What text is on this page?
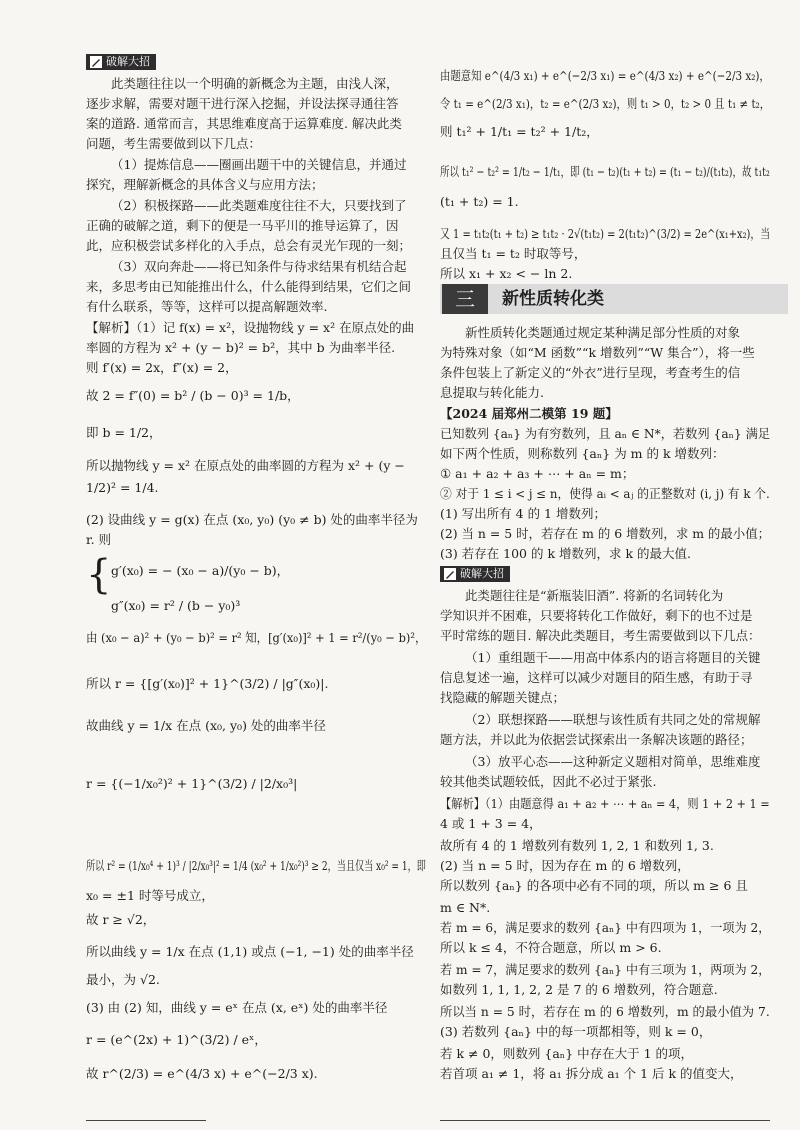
破解大招
{
此类题往往以一个明确的新概念为主题，由浅人深，
逐步求解，需要对题干进行深入挖掘，并设法探寻通往答
案的道路. 通常而言，其思维难度高于运算难度. 解决此类
问题，考生需要做到以下几点：
（1）提炼信息——圈画出题干中的关键信息，并通过
探究，理解新概念的具体含义与应用方法；
（2）积极探路——此类题难度往往不大，只要找到了
正确的破解之道，剩下的便是一马平川的推导运算了，因
此，应积极尝试多样化的入手点，总会有灵光乍现的一刻；
（3）双向奔赴——将已知条件与待求结果有机结合起
来，多思考由已知能推出什么，什么能得到结果，它们之间
有什么联系，等等，这样可以提高解题效率.
【解析】（1）记 f(x) = x²，设抛物线 y = x² 在原点处的曲
率圆的方程为 x² + (y − b)² = b²，其中 b 为曲率半径.
则 f′(x) = 2x，f″(x) = 2，
故 2 = f″(0) = b² / (b − 0)³ = 1/b，
即 b = 1/2，
所以抛物线 y = x² 在原点处的曲率圆的方程为 x² + (y −
1/2)² = 1/4.
(2) 设曲线 y = g(x) 在点 (x₀, y₀) (y₀ ≠ b) 处的曲率半径为
r. 则
g′(x₀) = − (x₀ − a)/(y₀ − b)，
g″(x₀) = r² / (b − y₀)³
由 (x₀ − a)² + (y₀ − b)² = r² 知，[g′(x₀)]² + 1 = r²/(y₀ − b)²，
所以 r = {[g′(x₀)]² + 1}^(3/2) / |g″(x₀)|.
故曲线 y = 1/x 在点 (x₀, y₀) 处的曲率半径
r = {(−1/x₀²)² + 1}^(3/2) / |2/x₀³|
所以 r² = (1/x₀⁴ + 1)³ / |2/x₀³|² = 1/4 (x₀² + 1/x₀²)³ ≥ 2，当且仅当 x₀² = 1，即
x₀ = ±1 时等号成立，
故 r ≥ √2，
所以曲线 y = 1/x 在点 (1,1) 或点 (−1, −1) 处的曲率半径
最小，为 √2.
(3) 由 (2) 知，曲线 y = eˣ 在点 (x, eˣ) 处的曲率半径
r = (e^(2x) + 1)^(3/2) / eˣ，
故 r^(2/3) = e^(4/3 x) + e^(−2/3 x).
破解大招
由题意知 e^(4/3 x₁) + e^(−2/3 x₁) = e^(4/3 x₂) + e^(−2/3 x₂)，
令 t₁ = e^(2/3 x₁)，t₂ = e^(2/3 x₂)，则 t₁ > 0，t₂ > 0 且 t₁ ≠ t₂，
则 t₁² + 1/t₁ = t₂² + 1/t₂，
所以 t₁² − t₂² = 1/t₂ − 1/t₁，即 (t₁ − t₂)(t₁ + t₂) = (t₁ − t₂)/(t₁t₂)，故 t₁t₂
(t₁ + t₂) = 1.
又 1 = t₁t₂(t₁ + t₂) ≥ t₁t₂ · 2√(t₁t₂) = 2(t₁t₂)^(3/2) = 2e^(x₁+x₂)，当
且仅当 t₁ = t₂ 时取等号，
所以 x₁ + x₂ < − ln 2.
新性质转化类题通过规定某种满足部分性质的对象
为特殊对象（如“M 函数”“k 增数列”“W 集合”），将一些
条件包装上了新定义的“外衣”进行呈现，考查考生的信
息提取与转化能力.
【2024 届郑州二模第 19 题】
已知数列 {aₙ} 为有穷数列，且 aₙ ∈ N*，若数列 {aₙ} 满足
如下两个性质，则称数列 {aₙ} 为 m 的 k 增数列：
① a₁ + a₂ + a₃ + ⋯ + aₙ = m；
② 对于 1 ≤ i < j ≤ n，使得 aᵢ < aⱼ 的正整数对 (i, j) 有 k 个.
(1) 写出所有 4 的 1 增数列；
(2) 当 n = 5 时，若存在 m 的 6 增数列，求 m 的最小值；
(3) 若存在 100 的 k 增数列，求 k 的最大值.
此类题往往是“新瓶装旧酒”. 将新的名词转化为
学知识并不困难，只要将转化工作做好，剩下的也不过是
平时常练的题目. 解决此类题目，考生需要做到以下几点：
（1）重组题干——用高中体系内的语言将题目的关键
信息复述一遍，这样可以减少对题目的陌生感，有助于寻
找隐藏的解题关键点；
（2）联想探路——联想与该性质有共同之处的常规解
题方法，并以此为依据尝试探索出一条解决该题的路径；
（3）放平心态——这种新定义题相对简单，思维难度
较其他类试题较低，因此不必过于紧张.
【解析】（1）由题意得 a₁ + a₂ + ⋯ + aₙ = 4，则 1 + 2 + 1 =
4 或 1 + 3 = 4，
故所有 4 的 1 增数列有数列 1, 2, 1 和数列 1, 3.
(2) 当 n = 5 时，因为存在 m 的 6 增数列，
所以数列 {aₙ} 的各项中必有不同的项，所以 m ≥ 6 且
m ∈ N*.
若 m = 6，满足要求的数列 {aₙ} 中有四项为 1，一项为 2，
所以 k ≤ 4，不符合题意，所以 m > 6.
若 m = 7，满足要求的数列 {aₙ} 中有三项为 1，两项为 2，
如数列 1, 1, 1, 2, 2 是 7 的 6 增数列，符合题意.
所以当 n = 5 时，若存在 m 的 6 增数列，m 的最小值为 7.
(3) 若数列 {aₙ} 中的每一项都相等，则 k = 0，
若 k ≠ 0，则数列 {aₙ} 中存在大于 1 的项，
若首项 a₁ ≠ 1，将 a₁ 拆分成 a₁ 个 1 后 k 的值变大，
三	新性质转化类
